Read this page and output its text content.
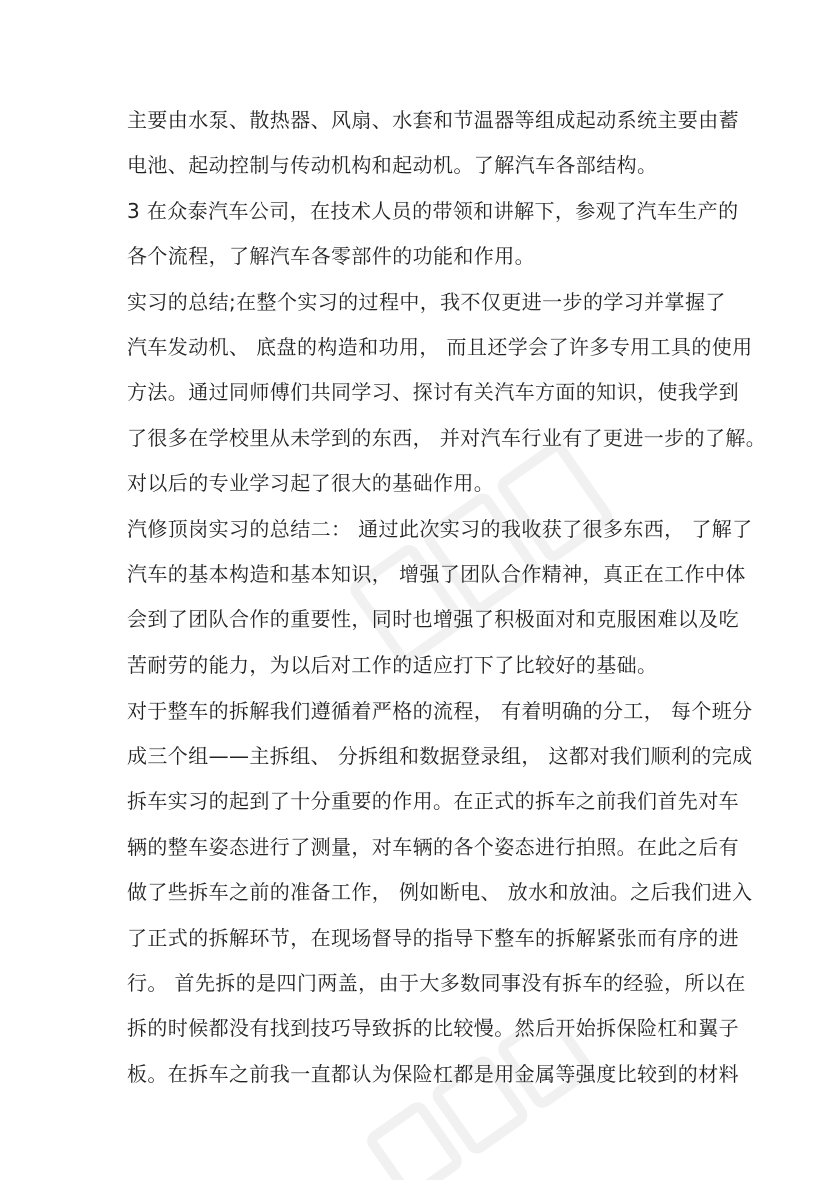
主要由水泵、散热器、风扇、水套和节温器等组成起动系统主要由蓄
电池、起动控制与传动机构和起动机。了解汽车各部结构。
3 在众泰汽车公司，在技术人员的带领和讲解下，参观了汽车生产的
各个流程，了解汽车各零部件的功能和作用。
实习的总结;在整个实习的过程中，我不仅更进一步的学习并掌握了
汽车发动机、 底盘的构造和功用， 而且还学会了许多专用工具的使用
方法。通过同师傅们共同学习、探讨有关汽车方面的知识，使我学到
了很多在学校里从未学到的东西， 并对汽车行业有了更进一步的了解。
对以后的专业学习起了很大的基础作用。
汽修顶岗实习的总结二： 通过此次实习的我收获了很多东西， 了解了
汽车的基本构造和基本知识， 增强了团队合作精神，真正在工作中体
会到了团队合作的重要性，同时也增强了积极面对和克服困难以及吃
苦耐劳的能力，为以后对工作的适应打下了比较好的基础。
对于整车的拆解我们遵循着严格的流程， 有着明确的分工， 每个班分
成三个组——主拆组、 分拆组和数据登录组， 这都对我们顺利的完成
拆车实习的起到了十分重要的作用。在正式的拆车之前我们首先对车
辆的整车姿态进行了测量，对车辆的各个姿态进行拍照。在此之后有
做了些拆车之前的准备工作， 例如断电、 放水和放油。之后我们进入
了正式的拆解环节，在现场督导的指导下整车的拆解紧张而有序的进
行。 首先拆的是四门两盖，由于大多数同事没有拆车的经验，所以在
拆的时候都没有找到技巧导致拆的比较慢。然后开始拆保险杠和翼子
板。在拆车之前我一直都认为保险杠都是用金属等强度比较到的材料
